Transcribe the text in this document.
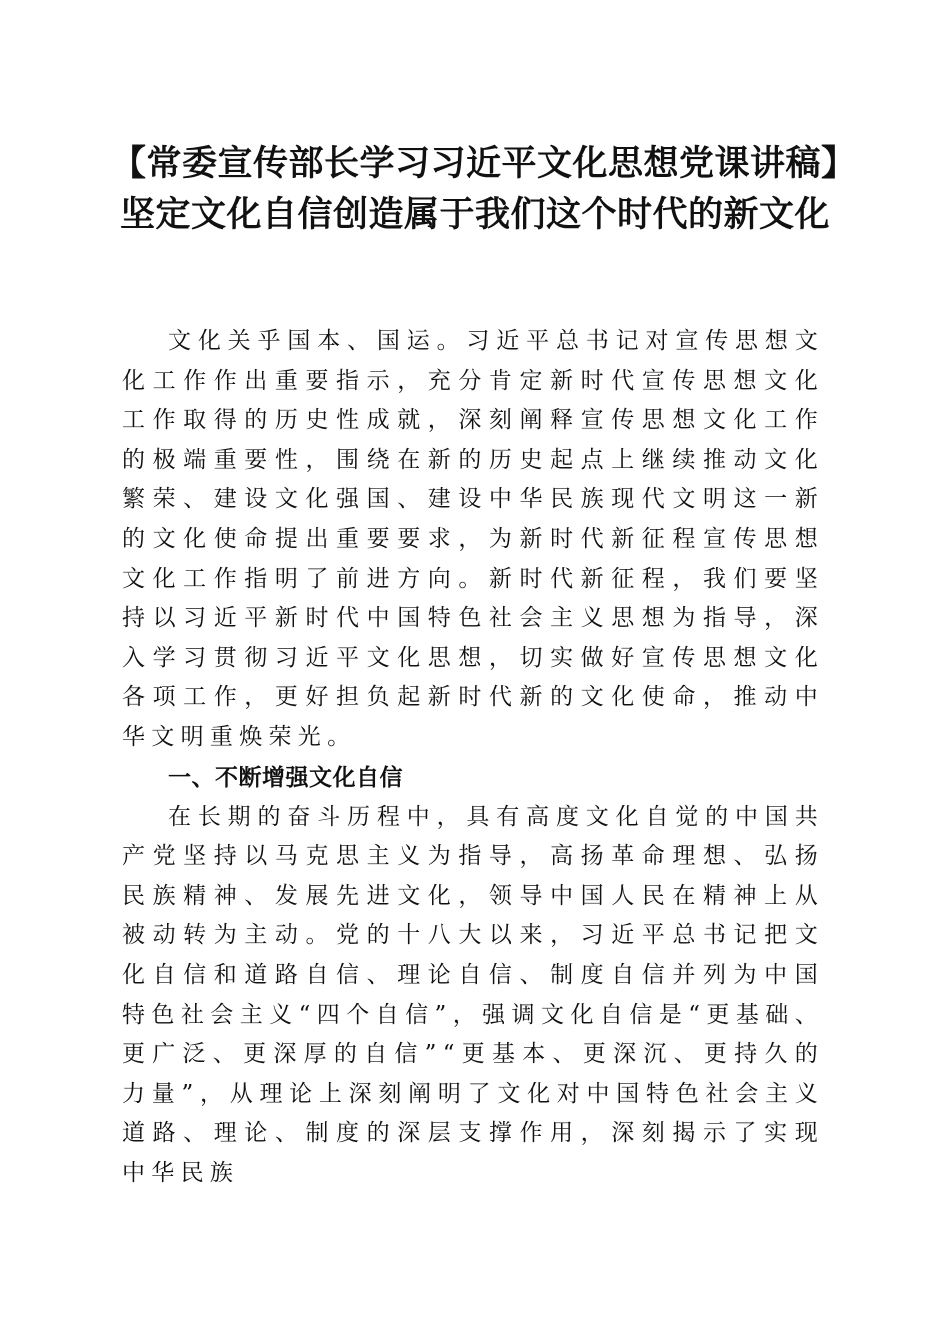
【常委宣传部长学习习近平文化思想党课讲稿】坚定文化自信创造属于我们这个时代的新文化

文化关乎国本、国运。习近平总书记对宣传思想文化工作作出重要指示，充分肯定新时代宣传思想文化工作取得的历史性成就，深刻阐释宣传思想文化工作的极端重要性，围绕在新的历史起点上继续推动文化繁荣、建设文化强国、建设中华民族现代文明这一新的文化使命提出重要要求，为新时代新征程宣传思想文化工作指明了前进方向。新时代新征程，我们要坚持以习近平新时代中国特色社会主义思想为指导，深入学习贯彻习近平文化思想，切实做好宣传思想文化各项工作，更好担负起新时代新的文化使命，推动中华文明重焕荣光。

一、不断增强文化自信

在长期的奋斗历程中，具有高度文化自觉的中国共产党坚持以马克思主义为指导，高扬革命理想、弘扬民族精神、发展先进文化，领导中国人民在精神上从被动转为主动。党的十八大以来，习近平总书记把文化自信和道路自信、理论自信、制度自信并列为中国特色社会主义“四个自信”，强调文化自信是“更基础、更广泛、更深厚的自信”“更基本、更深沉、更持久的力量”，从理论上深刻阐明了文化对中国特色社会主义道路、理论、制度的深层支撑作用，深刻揭示了实现中华民族
